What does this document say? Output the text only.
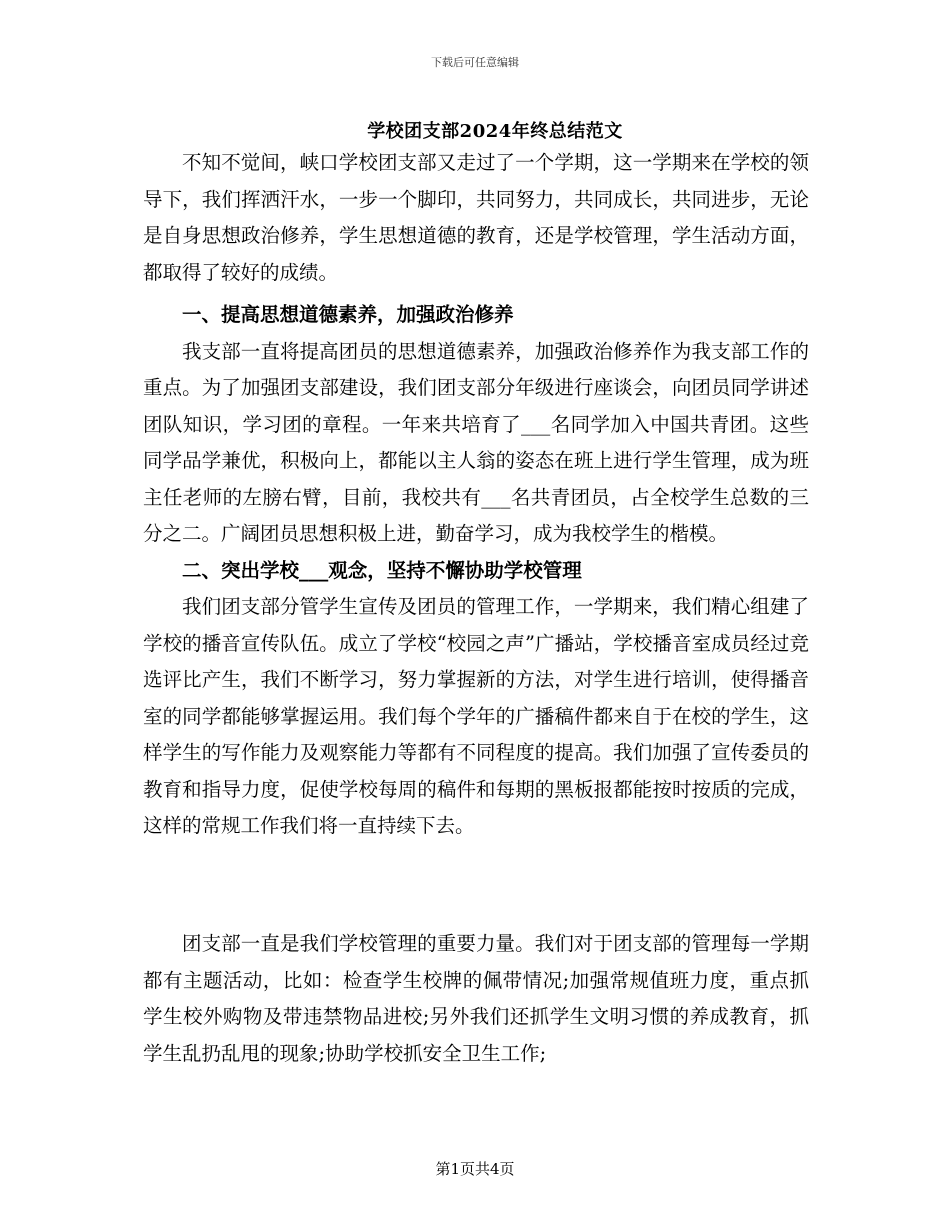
下载后可任意编辑
学校团支部2024年终总结范文

不知不觉间，峡口学校团支部又走过了一个学期，这一学期来在学校的领导下，我们挥洒汗水，一步一个脚印，共同努力，共同成长，共同进步，无论是自身思想政治修养，学生思想道德的教育，还是学校管理，学生活动方面，都取得了较好的成绩。

一、提高思想道德素养，加强政治修养

我支部一直将提高团员的思想道德素养，加强政治修养作为我支部工作的重点。为了加强团支部建设，我们团支部分年级进行座谈会，向团员同学讲述团队知识，学习团的章程。一年来共培育了___名同学加入中国共青团。这些同学品学兼优，积极向上，都能以主人翁的姿态在班上进行学生管理，成为班主任老师的左膀右臂，目前，我校共有___名共青团员，占全校学生总数的三分之二。广阔团员思想积极上进，勤奋学习，成为我校学生的楷模。

二、突出学校___观念，坚持不懈协助学校管理

我们团支部分管学生宣传及团员的管理工作，一学期来，我们精心组建了学校的播音宣传队伍。成立了学校“校园之声”广播站，学校播音室成员经过竞选评比产生，我们不断学习，努力掌握新的方法，对学生进行培训，使得播音室的同学都能够掌握运用。我们每个学年的广播稿件都来自于在校的学生，这样学生的写作能力及观察能力等都有不同程度的提高。我们加强了宣传委员的教育和指导力度，促使学校每周的稿件和每期的黑板报都能按时按质的完成，这样的常规工作我们将一直持续下去。

团支部一直是我们学校管理的重要力量。我们对于团支部的管理每一学期都有主题活动，比如：检查学生校牌的佩带情况;加强常规值班力度，重点抓学生校外购物及带违禁物品进校;另外我们还抓学生文明习惯的养成教育，抓学生乱扔乱甩的现象;协助学校抓安全卫生工作;

第1页共4页
